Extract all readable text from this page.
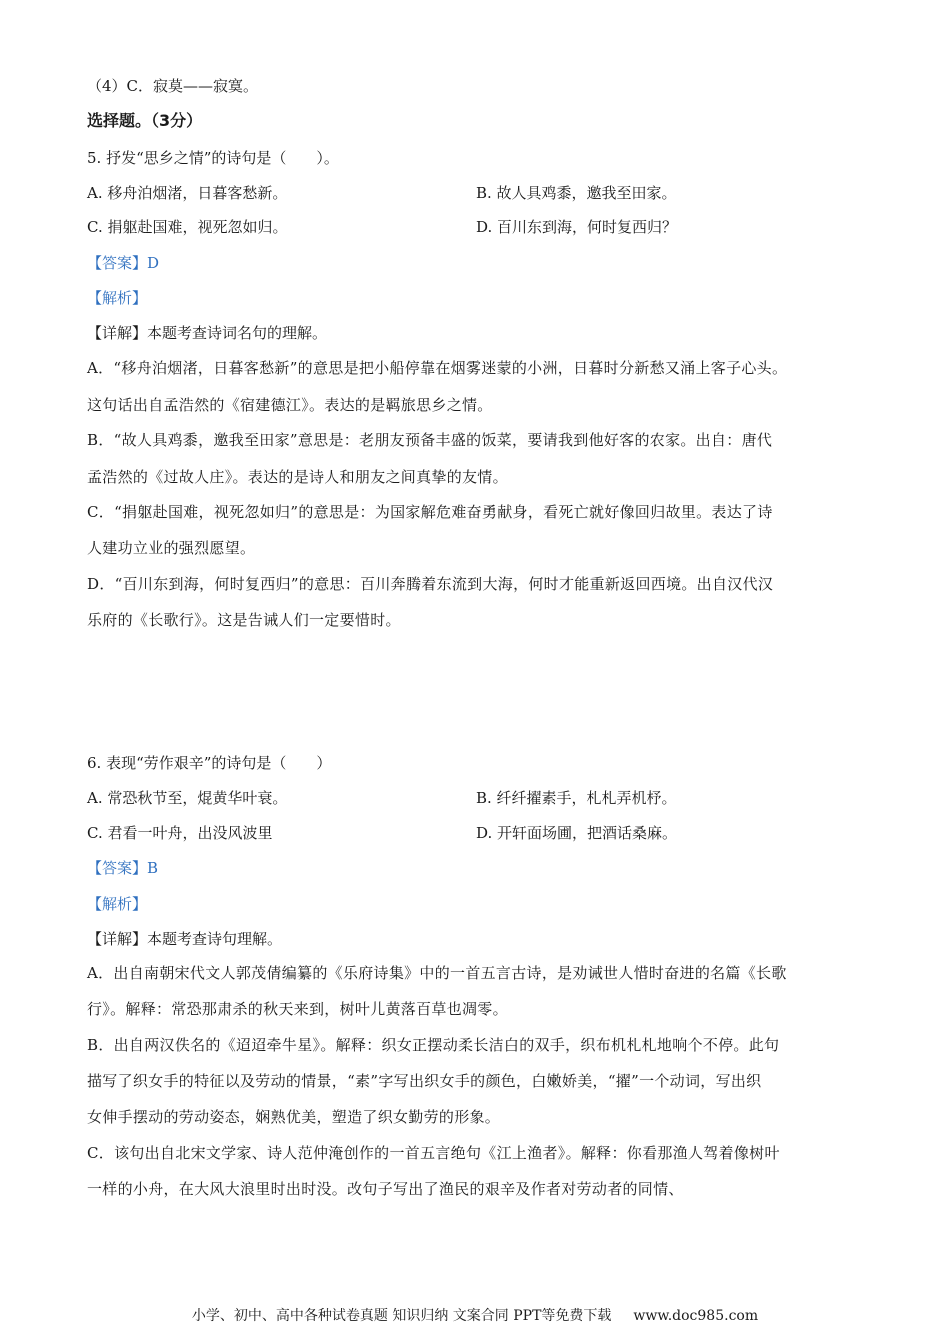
（4）C．寂莫——寂寞。
选择题。（3分）
5. 抒发“思乡之情”的诗句是（　　）。
A. 移舟泊烟渚，日暮客愁新。	B. 故人具鸡黍，邀我至田家。
C. 捐躯赴国难，视死忽如归。	D. 百川东到海，何时复西归？
【答案】D
【解析】
【详解】本题考查诗词名句的理解。
A．“移舟泊烟渚，日暮客愁新”的意思是把小船停靠在烟雾迷蒙的小洲，日暮时分新愁又涌上客子心头。
这句话出自孟浩然的《宿建德江》。表达的是羁旅思乡之情。
B．“故人具鸡黍，邀我至田家”意思是：老朋友预备丰盛的饭菜，要请我到他好客的农家。出自：唐代
孟浩然的《过故人庄》。表达的是诗人和朋友之间真挚的友情。
C．“捐躯赴国难，视死忽如归”的意思是：为国家解危难奋勇献身，看死亡就好像回归故里。表达了诗
人建功立业的强烈愿望。
D．“百川东到海，何时复西归”的意思：百川奔腾着东流到大海，何时才能重新返回西境。出自汉代汉
乐府的《长歌行》。这是告诫人们一定要惜时。
6. 表现“劳作艰辛”的诗句是（　　）
A. 常恐秋节至，焜黄华叶衰。	B. 纤纤擢素手，札札弄机杼。
C. 君看一叶舟，出没风波里	D. 开轩面场圃，把酒话桑麻。
【答案】B
【解析】
【详解】本题考查诗句理解。
A．出自南朝宋代文人郭茂倩编纂的《乐府诗集》中的一首五言古诗，是劝诫世人惜时奋进的名篇《长歌
行》。解释：常恐那肃杀的秋天来到，树叶儿黄落百草也凋零。
B．出自两汉佚名的《迢迢牵牛星》。解释：织女正摆动柔长洁白的双手，织布机札札地响个不停。此句
描写了织女手的特征以及劳动的情景，“素”字写出织女手的颜色，白嫩娇美，“擢”一个动词，写出织
女伸手摆动的劳动姿态，娴熟优美，塑造了织女勤劳的形象。
C．该句出自北宋文学家、诗人范仲淹创作的一首五言绝句《江上渔者》。解释：你看那渔人驾着像树叶
一样的小舟，在大风大浪里时出时没。改句子写出了渔民的艰辛及作者对劳动者的同情、
小学、初中、高中各种试卷真题 知识归纳 文案合同 PPT等免费下载 www.doc985.com
